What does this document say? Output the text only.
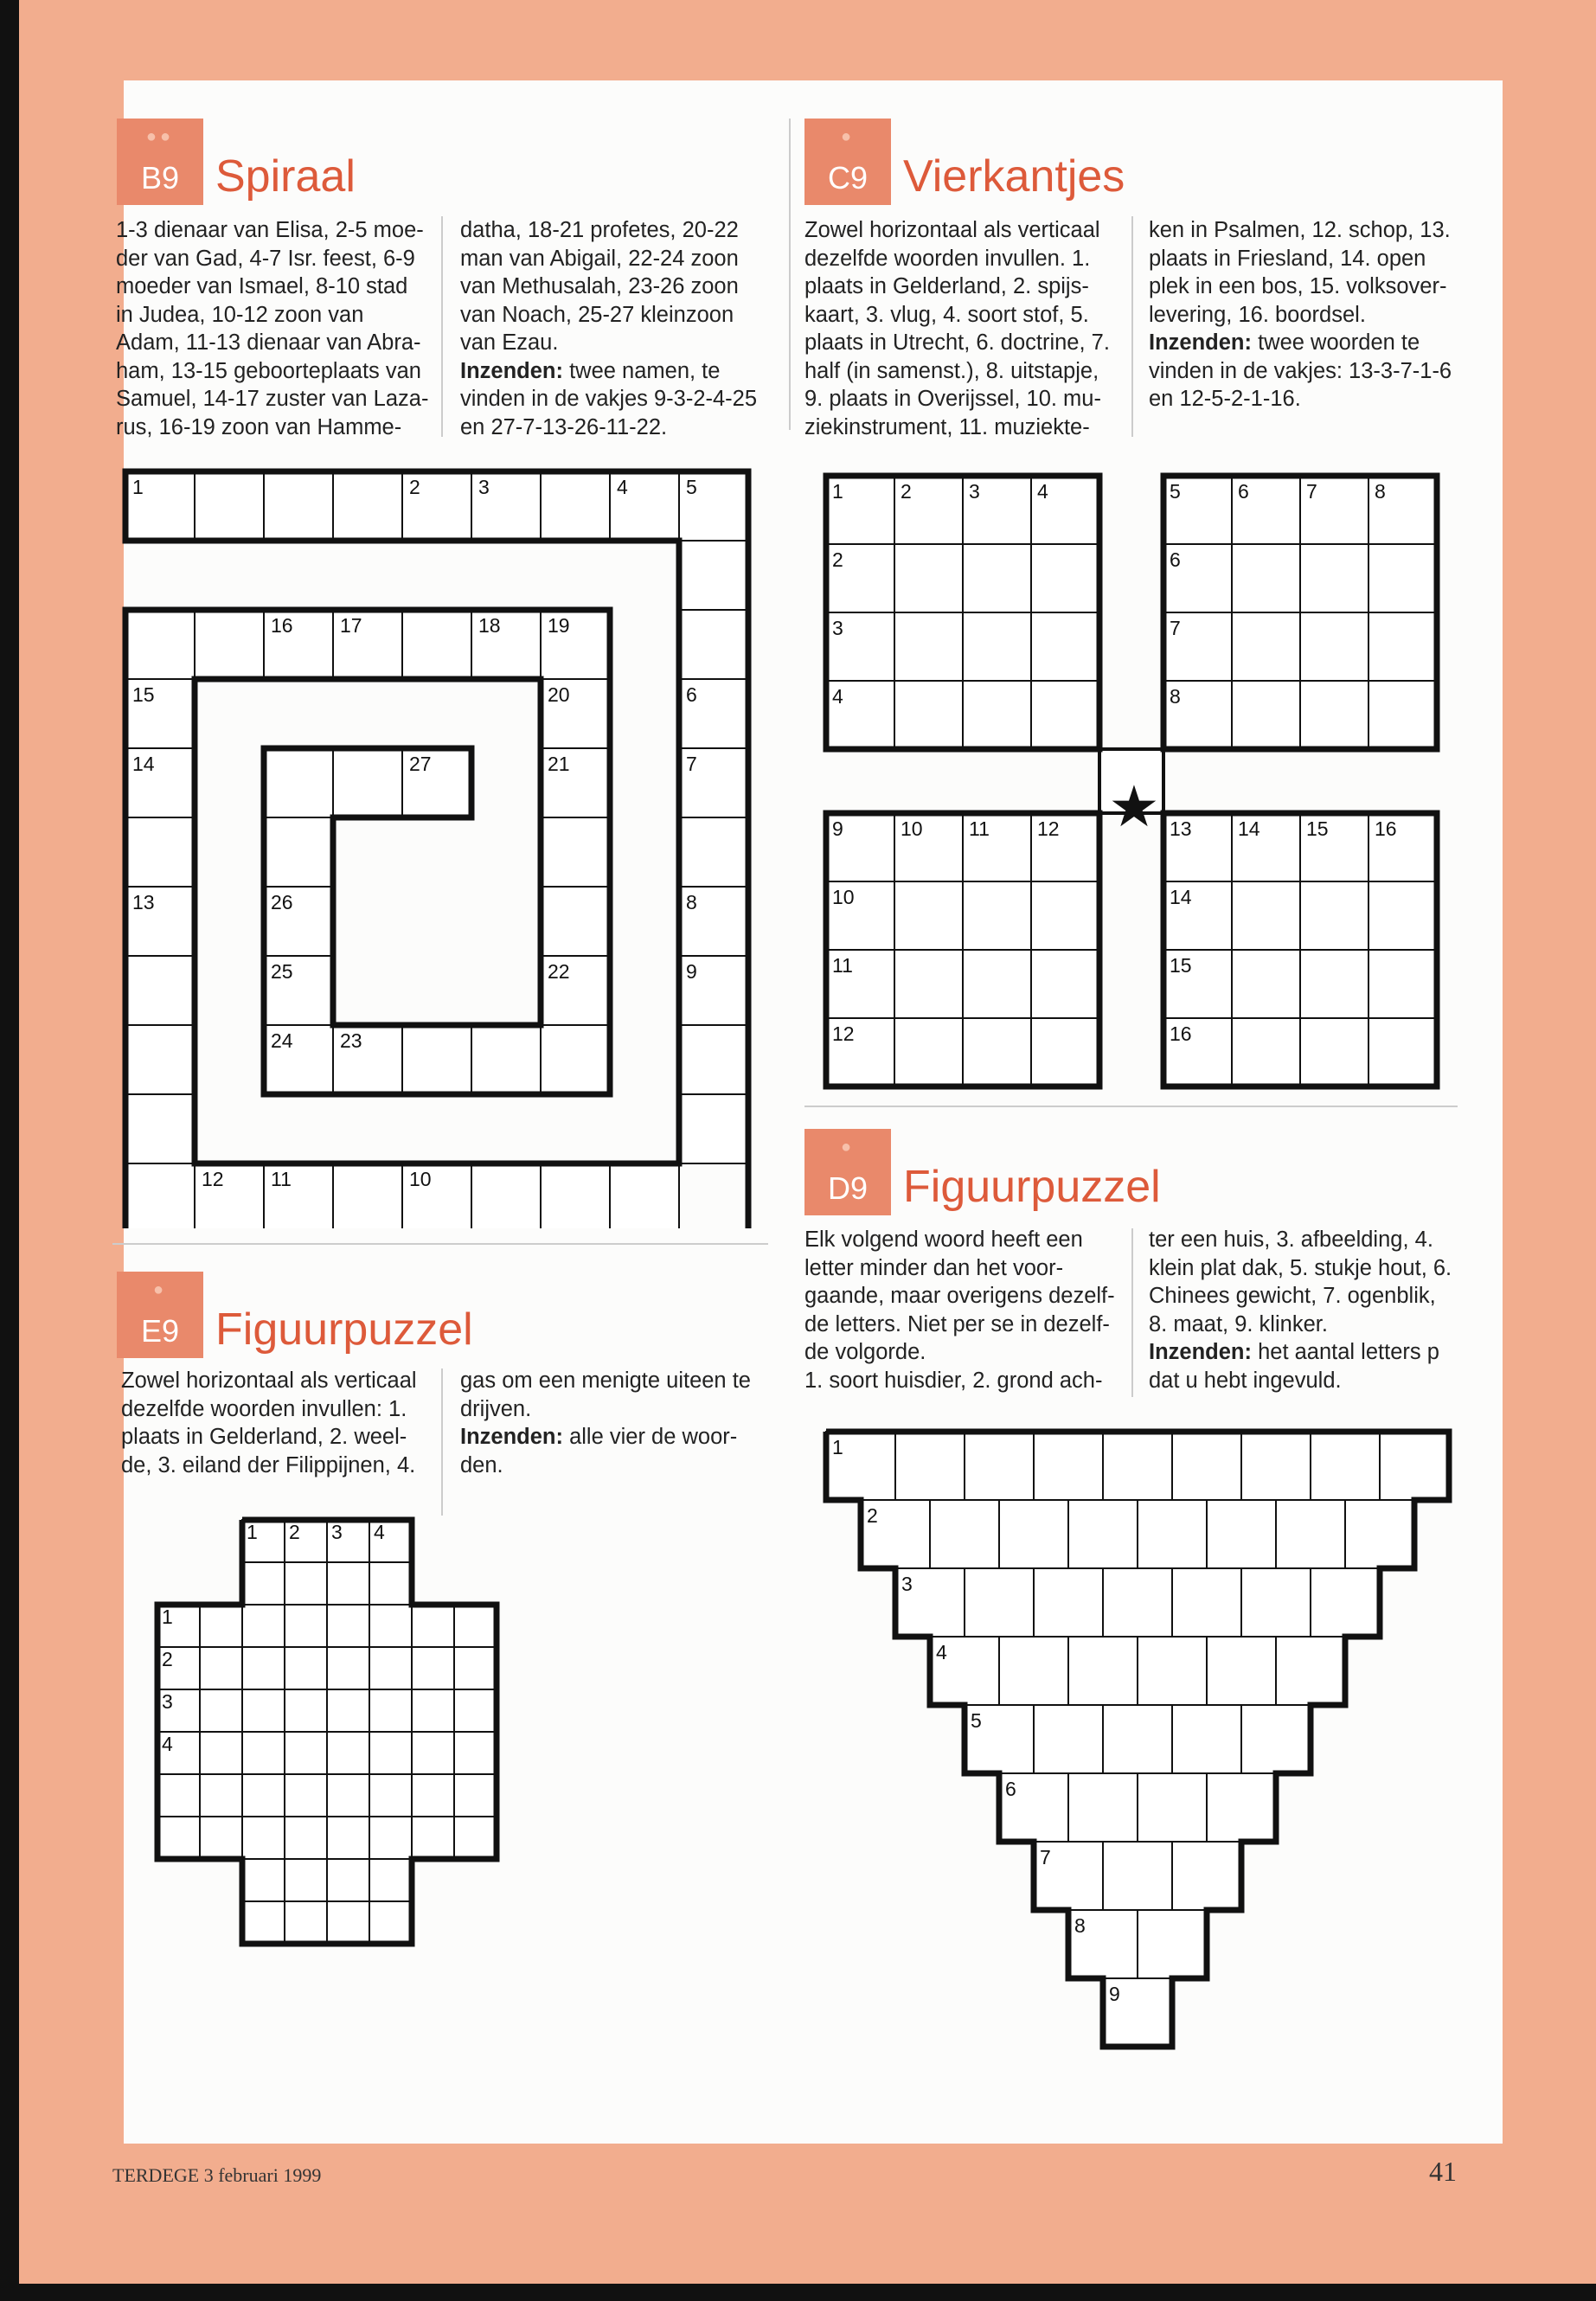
●●
B9 Spiraal
1-3 dienaar van Elisa, 2-5 moe-
der van Gad, 4-7 Isr. feest, 6-9
moeder van Ismael, 8-10 stad
in Judea, 10-12 zoon van
Adam, 11-13 dienaar van Abra-
ham, 13-15 geboorteplaats van
Samuel, 14-17 zuster van Laza-
rus, 16-19 zoon van Hamme-
datha, 18-21 profetes, 20-22
man van Abigail, 22-24 zoon
van Methusalah, 23-26 zoon
van Noach, 25-27 kleinzoon
van Ezau.
Inzenden: twee namen, te
vinden in de vakjes 9-3-2-4-25
en 27-7-13-26-11-22.
●
C9 Vierkantjes
Zowel horizontaal als verticaal
dezelfde woorden invullen. 1.
plaats in Gelderland, 2. spijs-
kaart, 3. vlug, 4. soort stof, 5.
plaats in Utrecht, 6. doctrine, 7.
half (in samenst.), 8. uitstapje,
9. plaats in Overijssel, 10. mu-
ziekinstrument, 11. muziekte-
ken in Psalmen, 12. schop, 13.
plaats in Friesland, 14. open
plek in een bos, 15. volksover-
levering, 16. boordsel.
Inzenden: twee woorden te
vinden in de vakjes: 13-3-7-1-6
en 12-5-2-1-16.
1	2	3	4	5
6
7
8
9
10
11
12
13
14
15
16 17	18 19
20
21
22
23
24
25
26
27
1	2	3	4	5	6	7	8
9	10 11 12	13 14 15 16
2
3
4
6
7
8
10
11
12
14
15
16
★
●
D9 Figuurpuzzel
Elk volgend woord heeft een
letter minder dan het voor-
gaande, maar overigens dezelf-
de letters. Niet per se in dezelf-
de volgorde.
1. soort huisdier, 2. grond ach-
ter een huis, 3. afbeelding, 4.
klein plat dak, 5. stukje hout, 6.
Chinees gewicht, 7. ogenblik,
8. maat, 9. klinker.
Inzenden: het aantal letters p
dat u hebt ingevuld.
●
E9 Figuurpuzzel
Zowel horizontaal als verticaal
dezelfde woorden invullen: 1.
plaats in Gelderland, 2. weel-
de, 3. eiland der Filippijnen, 4.
gas om een menigte uiteen te
drijven.
Inzenden: alle vier de woor-
den.
1
1
2
2
3
3
4
4
1
2
3
4
5
6
7
8
9
TERDEGE 3 februari 1999	41
